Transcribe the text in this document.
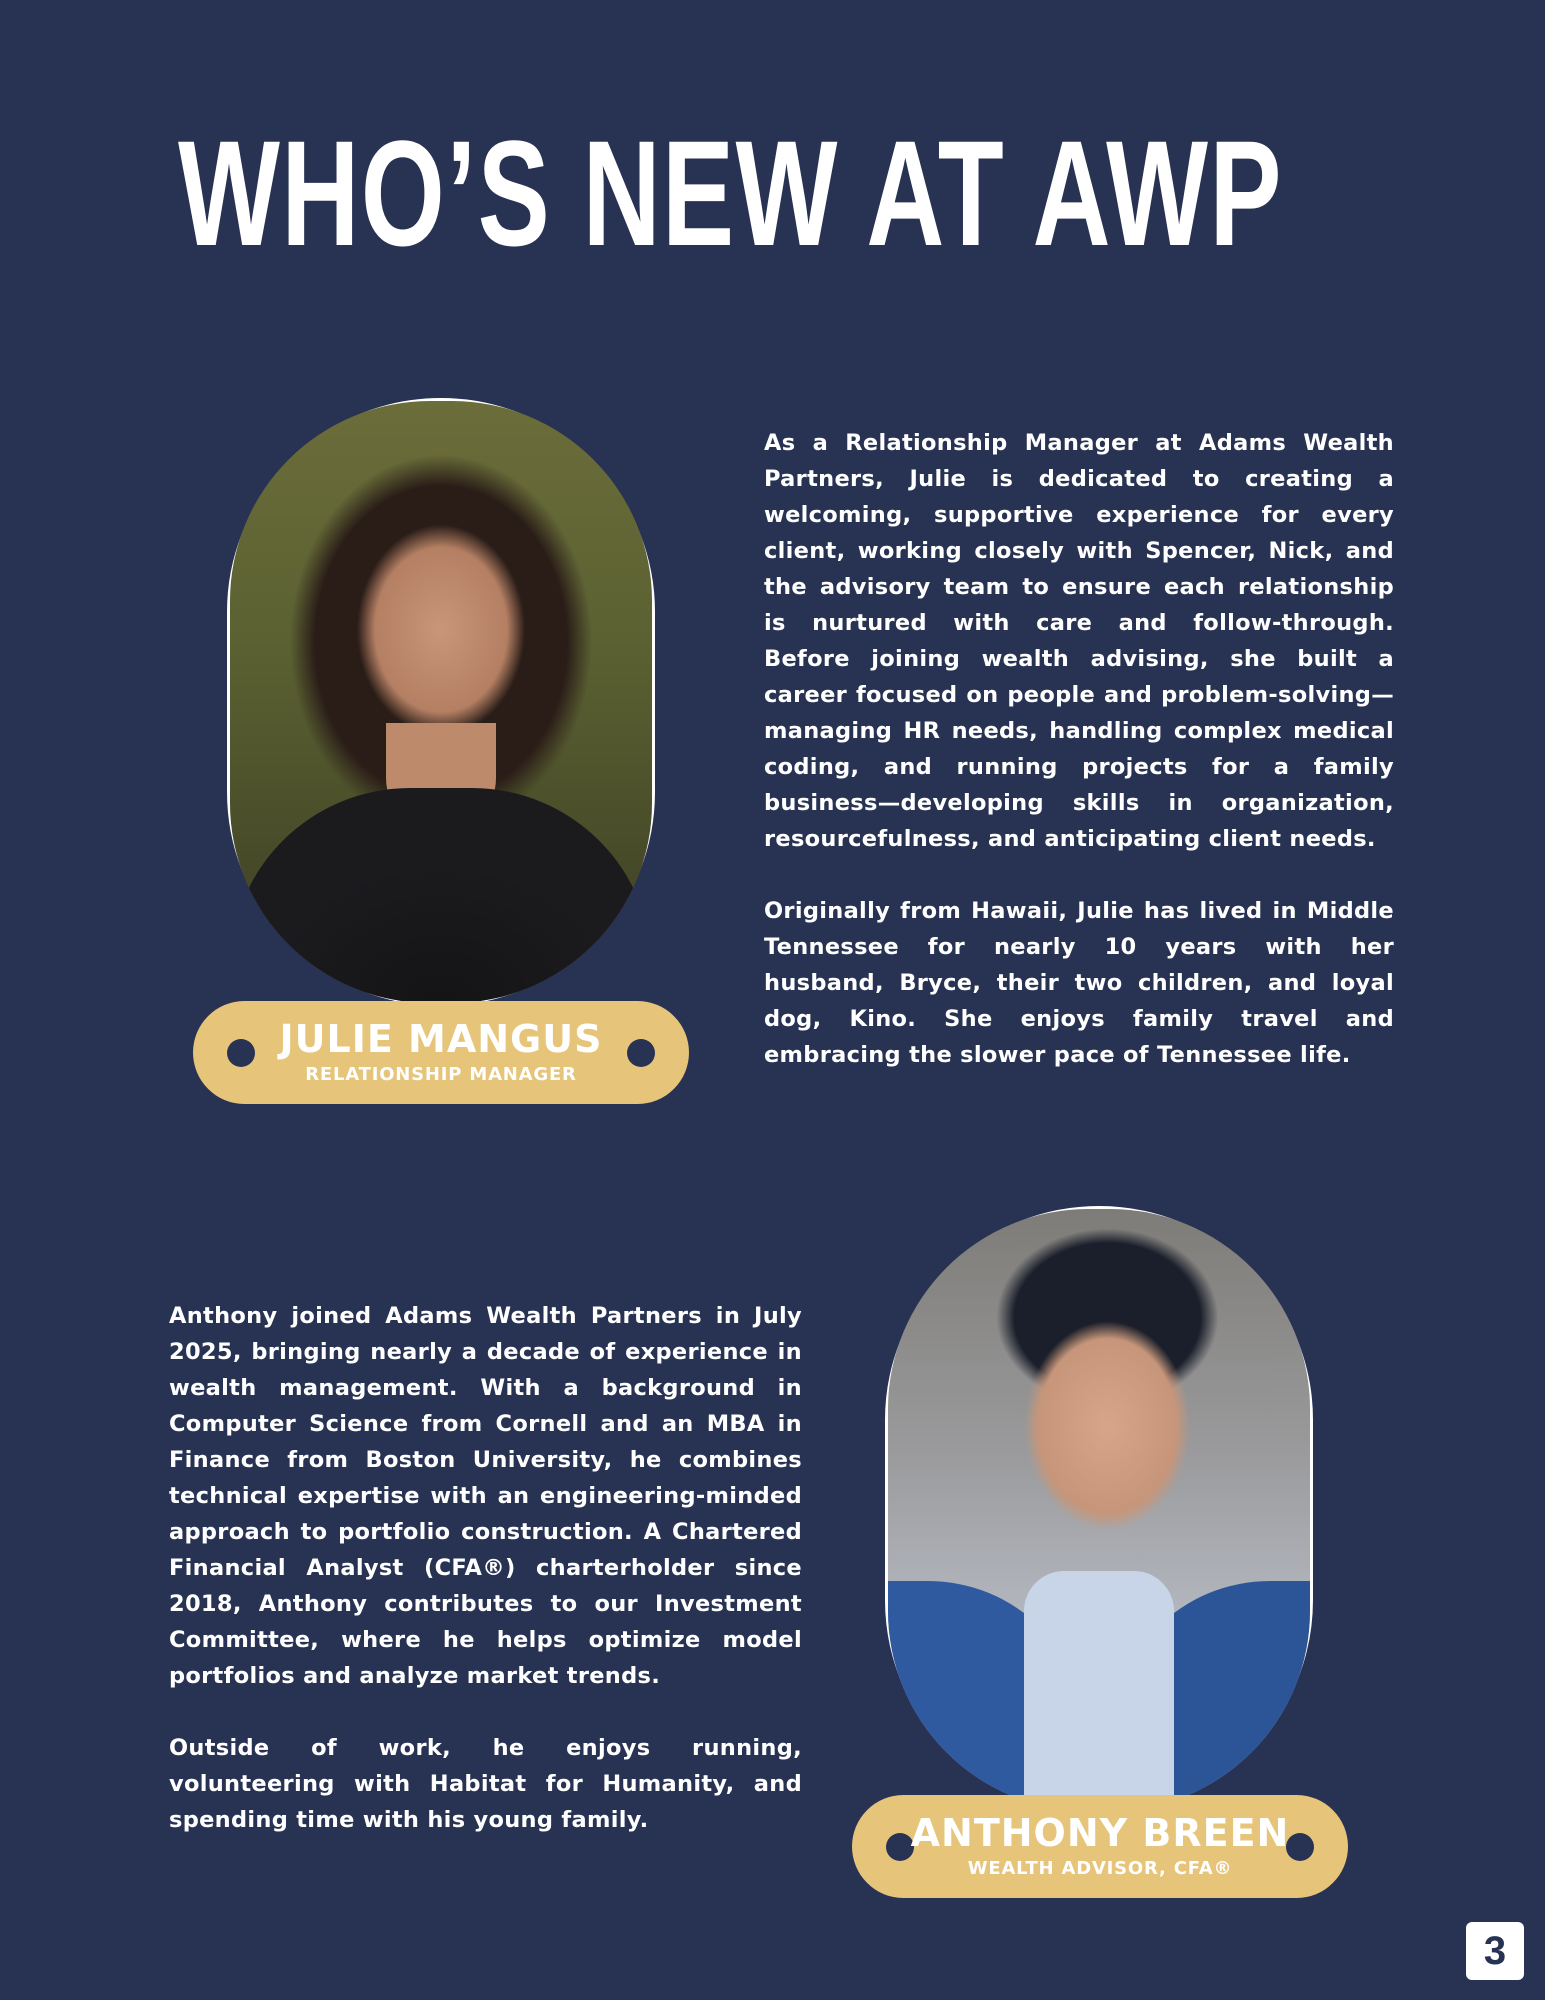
WHO’S NEW AT AWP
JULIE MANGUS
RELATIONSHIP MANAGER

As a Relationship Manager at Adams Wealth Partners, Julie is dedicated to creating a welcoming, supportive experience for every client, working closely with Spencer, Nick, and the advisory team to ensure each relationship is nurtured with care and follow-through. Before joining wealth advising, she built a career focused on people and problem-solving—managing HR needs, handling complex medical coding, and running projects for a family business—developing skills in organization, resourcefulness, and anticipating client needs.

Originally from Hawaii, Julie has lived in Middle Tennessee for nearly 10 years with her husband, Bryce, their two children, and loyal dog, Kino. She enjoys family travel and embracing the slower pace of Tennessee life.

Anthony joined Adams Wealth Partners in July 2025, bringing nearly a decade of experience in wealth management. With a background in Computer Science from Cornell and an MBA in Finance from Boston University, he combines technical expertise with an engineering-minded approach to portfolio construction. A Chartered Financial Analyst (CFA®) charterholder since 2018, Anthony contributes to our Investment Committee, where he helps optimize model portfolios and analyze market trends.

Outside of work, he enjoys running, volunteering with Habitat for Humanity, and spending time with his young family.	ANTHONY BREEN
WEALTH ADVISOR, CFA®
3
